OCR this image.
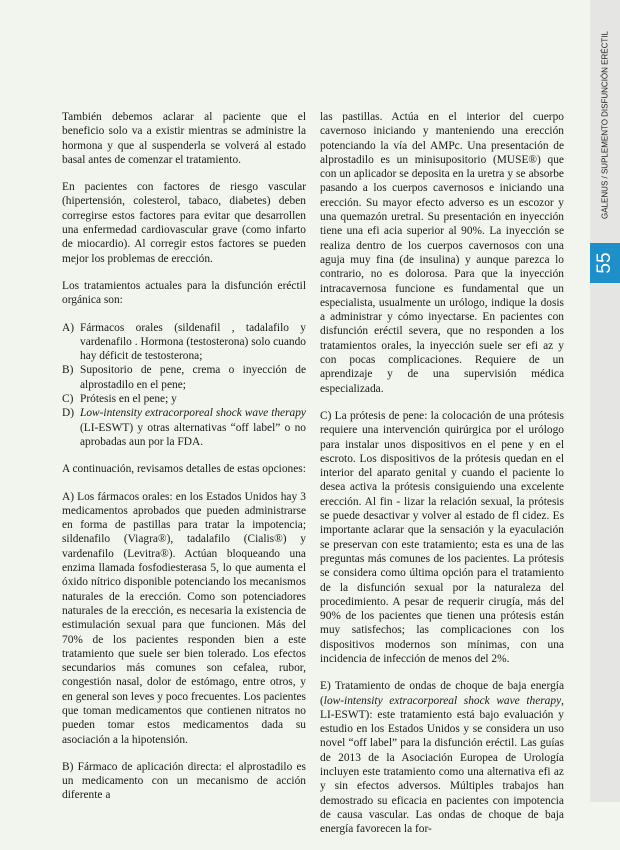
GALENUS / SUPLEMENTO DISFUNCIÓN ERÉCTIL
55

También debemos aclarar al paciente que el beneficio solo va a existir mientras se administre la hormona y que al suspenderla se volverá al estado basal antes de comenzar el tratamiento.

En pacientes con factores de riesgo vascular (hipertensión, colesterol, tabaco, diabetes) deben corregirse estos factores para evitar que desarrollen una enfermedad cardiovascular grave (como infarto de miocardio). Al corregir estos factores se pueden mejor los problemas de erección.

Los tratamientos actuales para la disfunción eréctil orgánica son:

A) Fármacos orales (sildenafil , tadalafilo y vardenafilo . Hormona (testosterona) solo cuando hay déficit de testosterona;
B) Supositorio de pene, crema o inyección de alprostadilo en el pene;
C) Prótesis en el pene; y
D) Low-intensity extracorporeal shock wave therapy (LI-ESWT) y otras alternativas “off label” o no aprobadas aun por la FDA.

A continuación, revisamos detalles de estas opciones:

A) Los fármacos orales: en los Estados Unidos hay 3 medicamentos aprobados que pueden administrarse en forma de pastillas para tratar la impotencia; sildenafilo (Viagra®), tadalafilo (Cialis®) y vardenafilo (Levitra®). Actúan bloqueando una enzima llamada fosfodiesterasa 5, lo que aumenta el óxido nítrico disponible potenciando los mecanismos naturales de la erección. Como son potenciadores naturales de la erección, es necesaria la existencia de estimulación sexual para que funcionen. Más del 70% de los pacientes responden bien a este tratamiento que suele ser bien tolerado. Los efectos secundarios más comunes son cefalea, rubor, congestión nasal, dolor de estómago, entre otros, y en general son leves y poco frecuentes. Los pacientes que toman medicamentos que contienen nitratos no pueden tomar estos medicamentos dada su asociación a la hipotensión.

B) Fármaco de aplicación directa: el alprostadilo es un medicamento con un mecanismo de acción diferente a

las pastillas. Actúa en el interior del cuerpo cavernoso iniciando y manteniendo una erección potenciando la vía del AMPc. Una presentación de alprostadilo es un minisupositorio (MUSE®) que con un aplicador se deposita en la uretra y se absorbe pasando a los cuerpos cavernosos e iniciando una erección. Su mayor efecto adverso es un escozor y una quemazón uretral. Su presentación en inyección tiene una efi acia superior al 90%. La inyección se realiza dentro de los cuerpos cavernosos con una aguja muy fina (de insulina) y aunque parezca lo contrario, no es dolorosa. Para que la inyección intracavernosa funcione es fundamental que un especialista, usualmente un urólogo, indique la dosis a administrar y cómo inyectarse. En pacientes con disfunción eréctil severa, que no responden a los tratamientos orales, la inyección suele ser efi az y con pocas complicaciones. Requiere de un aprendizaje y de una supervisión médica especializada.

C) La prótesis de pene: la colocación de una prótesis requiere una intervención quirúrgica por el urólogo para instalar unos dispositivos en el pene y en el escroto. Los dispositivos de la prótesis quedan en el interior del aparato genital y cuando el paciente lo desea activa la prótesis consiguiendo una excelente erección. Al fin - lizar la relación sexual, la prótesis se puede desactivar y volver al estado de fl cidez. Es importante aclarar que la sensación y la eyaculación se preservan con este tratamiento; esta es una de las preguntas más comunes de los pacientes. La prótesis se considera como última opción para el tratamiento de la disfunción sexual por la naturaleza del procedimiento. A pesar de requerir cirugía, más del 90% de los pacientes que tienen una prótesis están muy satisfechos; las complicaciones con los dispositivos modernos son mínimas, con una incidencia de infección de menos del 2%.

E) Tratamiento de ondas de choque de baja energía (low-intensity extracorporeal shock wave therapy, LI-ESWT): este tratamiento está bajo evaluación y estudio en los Estados Unidos y se considera un uso novel “off label” para la disfunción eréctil. Las guías de 2013 de la Asociación Europea de Urología incluyen este tratamiento como una alternativa efi az y sin efectos adversos. Múltiples trabajos han demostrado su eficacia en pacientes con impotencia de causa vascular. Las ondas de choque de baja energía favorecen la for-
